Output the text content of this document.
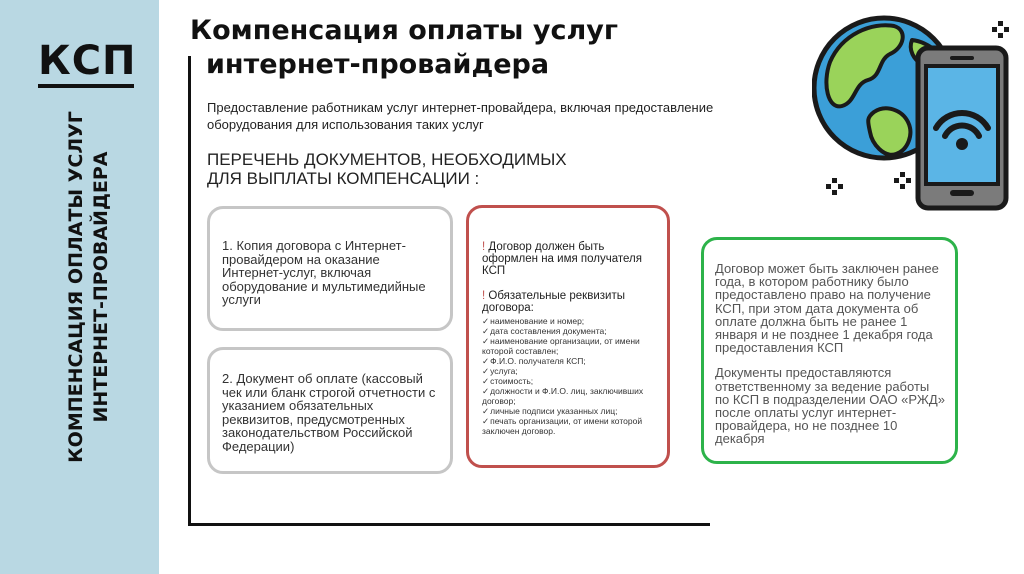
КСП
КОМПЕНСАЦИЯ ОПЛАТЫ УСЛУГ ИНТЕРНЕТ-ПРОВАЙДЕРА
Компенсация оплаты услуг
интернет-провайдера
Предоставление работникам услуг интернет-провайдера, включая предоставление оборудования для использования таких услуг
ПЕРЕЧЕНЬ ДОКУМЕНТОВ, НЕОБХОДИМЫХ
ДЛЯ ВЫПЛАТЫ КОМПЕНСАЦИИ :
1. Копия договора с Интернет-провайдером на оказание Интернет-услуг, включая оборудование и мультимедийные услуги
2. Документ об оплате (кассовый чек или бланк строгой отчетности с указанием обязательных реквизитов, предусмотренных законодательством Российской Федерации)
! Договор должен быть оформлен на имя получателя КСП
! Обязательные реквизиты договора:
✓наименование и номер;
✓дата составления документа;
✓наименование организации, от имени которой составлен;
✓Ф.И.О. получателя КСП;
✓услуга;
✓стоимость;
✓должности и Ф.И.О. лиц, заключивших договор;
✓личные подписи указанных лиц;
✓печать организации, от имени которой заключен договор.

Договор может быть заключен ранее года, в котором работнику было предоставлено право на получение КСП, при этом дата документа об оплате должна быть не ранее 1 января и не позднее 1 декабря года предоставления КСП

Документы предоставляются ответственному за ведение работы по КСП в подразделении ОАО «РЖД» после оплаты услуг интернет-провайдера, но не позднее 10 декабря
